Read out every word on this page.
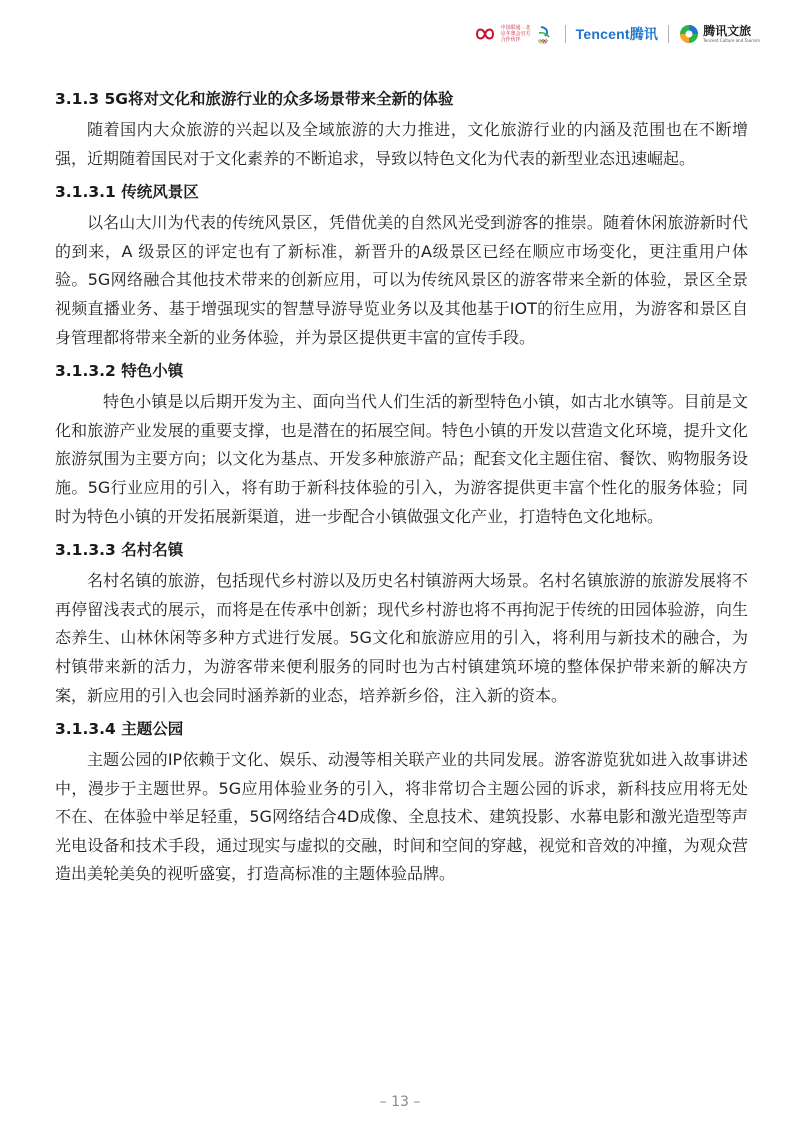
中国联通 · 北京冬奥会官方合作伙伴	Tencent腾讯	腾讯文旅
Tencent Culture and Tourism
3.1.3 5G将对文化和旅游行业的众多场景带来全新的体验

随着国内大众旅游的兴起以及全域旅游的大力推进，文化旅游行业的内涵及范围也在不断增强，近期随着国民对于文化素养的不断追求，导致以特色文化为代表的新型业态迅速崛起。

3.1.3.1 传统风景区

以名山大川为代表的传统风景区，凭借优美的自然风光受到游客的推崇。随着休闲旅游新时代的到来，A 级景区的评定也有了新标准，新晋升的A级景区已经在顺应市场变化，更注重用户体验。5G网络融合其他技术带来的创新应用，可以为传统风景区的游客带来全新的体验，景区全景视频直播业务、基于增强现实的智慧导游导览业务以及其他基于IOT的衍生应用，为游客和景区自身管理都将带来全新的业务体验，并为景区提供更丰富的宣传手段。

3.1.3.2 特色小镇

特色小镇是以后期开发为主、面向当代人们生活的新型特色小镇，如古北水镇等。目前是文化和旅游产业发展的重要支撑，也是潜在的拓展空间。特色小镇的开发以营造文化环境，提升文化旅游氛围为主要方向；以文化为基点、开发多种旅游产品；配套文化主题住宿、餐饮、购物服务设施。5G行业应用的引入，将有助于新科技体验的引入，为游客提供更丰富个性化的服务体验；同时为特色小镇的开发拓展新渠道，进一步配合小镇做强文化产业，打造特色文化地标。

3.1.3.3 名村名镇

名村名镇的旅游，包括现代乡村游以及历史名村镇游两大场景。名村名镇旅游的旅游发展将不再停留浅表式的展示，而将是在传承中创新；现代乡村游也将不再拘泥于传统的田园体验游，向生态养生、山林休闲等多种方式进行发展。5G文化和旅游应用的引入，将利用与新技术的融合，为村镇带来新的活力，为游客带来便利服务的同时也为古村镇建筑环境的整体保护带来新的解决方案，新应用的引入也会同时涵养新的业态，培养新乡俗，注入新的资本。

3.1.3.4 主题公园

主题公园的IP依赖于文化、娱乐、动漫等相关联产业的共同发展。游客游览犹如进入故事讲述中，漫步于主题世界。5G应用体验业务的引入，将非常切合主题公园的诉求，新科技应用将无处不在、在体验中举足轻重，5G网络结合4D成像、全息技术、建筑投影、水幕电影和激光造型等声光电设备和技术手段，通过现实与虚拟的交融，时间和空间的穿越，视觉和音效的冲撞，为观众营造出美轮美奂的视听盛宴，打造高标准的主题体验品牌。

– 13 –
